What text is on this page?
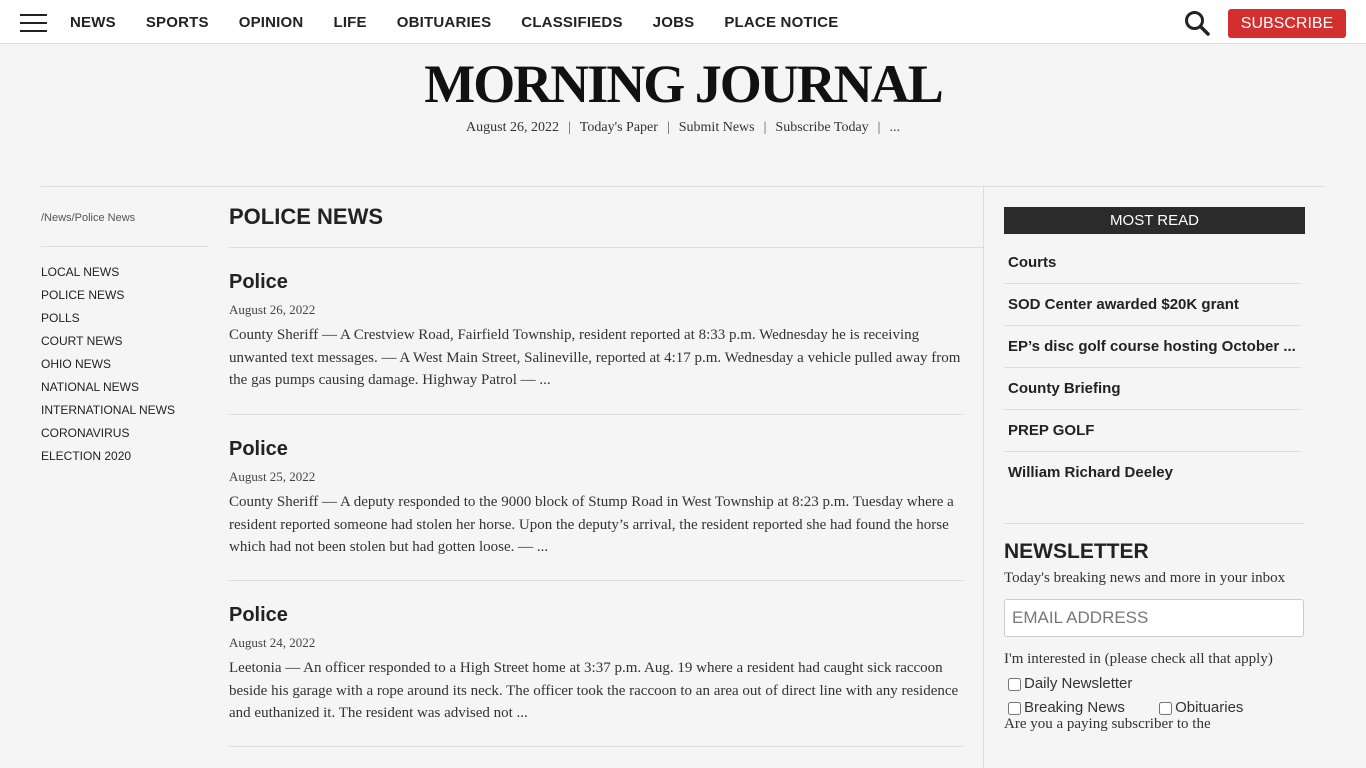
NEWS SPORTS OPINION LIFE OBITUARIES CLASSIFIEDS JOBS PLACE NOTICE	SUBSCRIBE
MORNING JOURNAL
August 26, 2022 | Today's Paper | Submit News | Subscribe Today | ...
/News/Police News
LOCAL NEWS
POLICE NEWS
POLLS
COURT NEWS
OHIO NEWS
NATIONAL NEWS
INTERNATIONAL NEWS
CORONAVIRUS
ELECTION 2020
POLICE NEWS
Police
August 26, 2022
County Sheriff — A Crestview Road, Fairfield Township, resident reported at 8:33 p.m. Wednesday he is receiving unwanted text messages. — A West Main Street, Salineville, reported at 4:17 p.m. Wednesday a vehicle pulled away from the gas pumps causing damage. Highway Patrol — ...
Police
August 25, 2022
County Sheriff — A deputy responded to the 9000 block of Stump Road in West Township at 8:23 p.m. Tuesday where a resident reported someone had stolen her horse. Upon the deputy’s arrival, the resident reported she had found the horse which had not been stolen but had gotten loose. — ...
Police
August 24, 2022
Leetonia — An officer responded to a High Street home at 3:37 p.m. Aug. 19 where a resident had caught sick raccoon beside his garage with a rope around its neck. The officer took the raccoon to an area out of direct line with any residence and euthanized it. The resident was advised not ...
MOST READ
Courts
SOD Center awarded $20K grant
EP’s disc golf course hosting October ...
County Briefing
PREP GOLF
William Richard Deeley
NEWSLETTER
Today's breaking news and more in your inbox
EMAIL ADDRESS
I'm interested in (please check all that apply)
Daily Newsletter Breaking News	Obituaries
Are you a paying subscriber to the
